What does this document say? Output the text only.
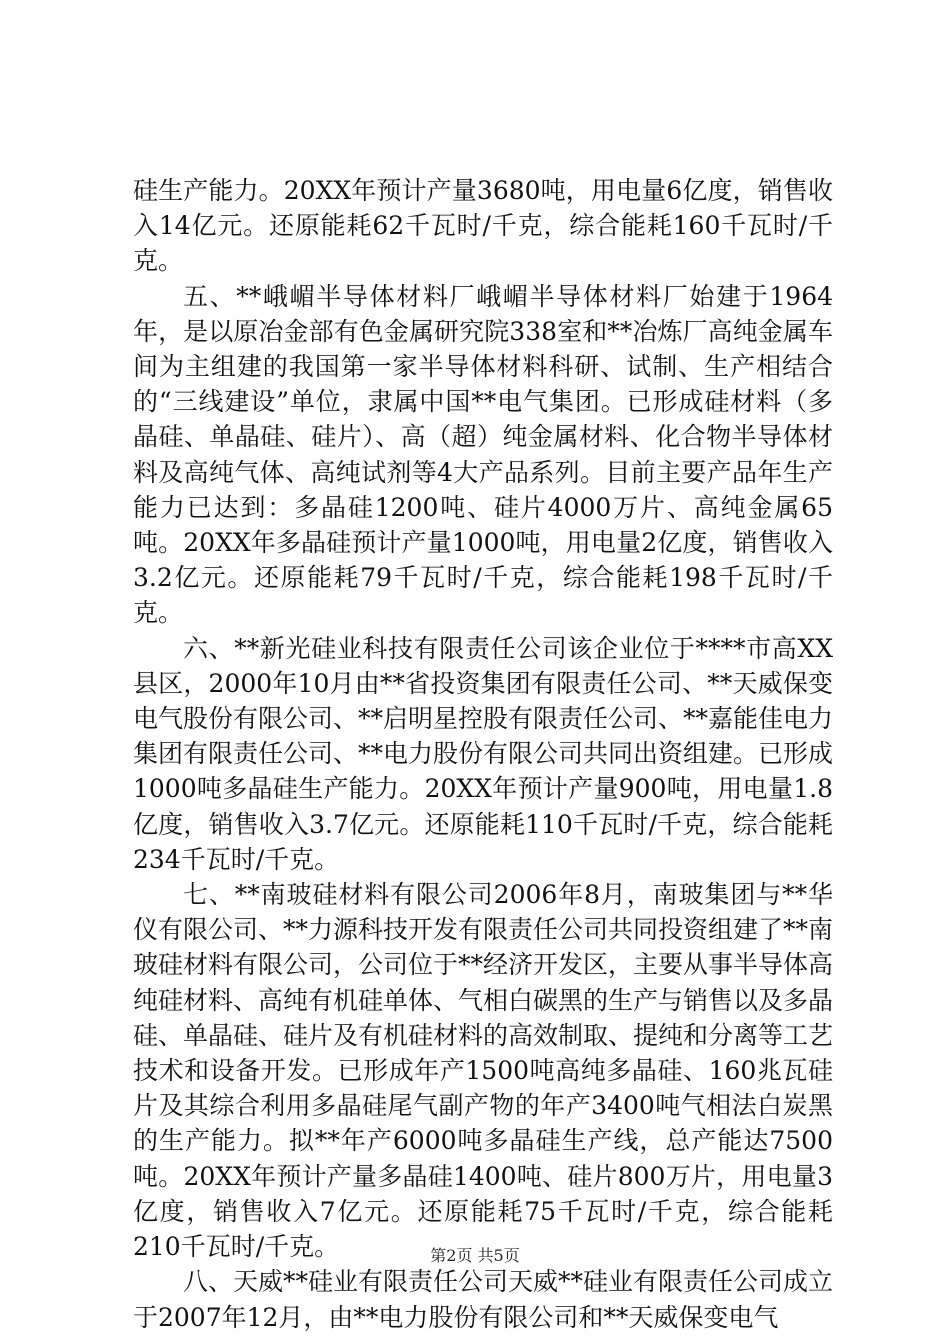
硅生产能力。20XX年预计产量3680吨，用电量6亿度，销售收入14亿元。还原能耗62千瓦时/千克，综合能耗160千瓦时/千克。

五、**峨嵋半导体材料厂峨嵋半导体材料厂始建于1964年，是以原冶金部有色金属研究院338室和**冶炼厂高纯金属车间为主组建的我国第一家半导体材料科研、试制、生产相结合的“三线建设”单位，隶属中国**电气集团。已形成硅材料（多晶硅、单晶硅、硅片）、高（超）纯金属材料、化合物半导体材料及高纯气体、高纯试剂等4大产品系列。目前主要产品年生产能力已达到：多晶硅1200吨、硅片4000万片、高纯金属65吨。20XX年多晶硅预计产量1000吨，用电量2亿度，销售收入3.2亿元。还原能耗79千瓦时/千克，综合能耗198千瓦时/千克。

六、**新光硅业科技有限责任公司该企业位于****市高XX县区，2000年10月由**省投资集团有限责任公司、**天威保变电气股份有限公司、**启明星控股有限责任公司、**嘉能佳电力集团有限责任公司、**电力股份有限公司共同出资组建。已形成1000吨多晶硅生产能力。20XX年预计产量900吨，用电量1.8亿度，销售收入3.7亿元。还原能耗110千瓦时/千克，综合能耗234千瓦时/千克。

七、**南玻硅材料有限公司2006年8月，南玻集团与**华仪有限公司、**力源科技开发有限责任公司共同投资组建了**南玻硅材料有限公司，公司位于**经济开发区，主要从事半导体高纯硅材料、高纯有机硅单体、气相白碳黑的生产与销售以及多晶硅、单晶硅、硅片及有机硅材料的高效制取、提纯和分离等工艺技术和设备开发。已形成年产1500吨高纯多晶硅、160兆瓦硅片及其综合利用多晶硅尾气副产物的年产3400吨气相法白炭黑的生产能力。拟**年产6000吨多晶硅生产线，总产能达7500吨。20XX年预计产量多晶硅1400吨、硅片800万片，用电量3亿度，销售收入7亿元。还原能耗75千瓦时/千克，综合能耗210千瓦时/千克。

八、天威**硅业有限责任公司天威**硅业有限责任公司成立于2007年12月，由**电力股份有限公司和**天威保变电气

第2页 共5页
